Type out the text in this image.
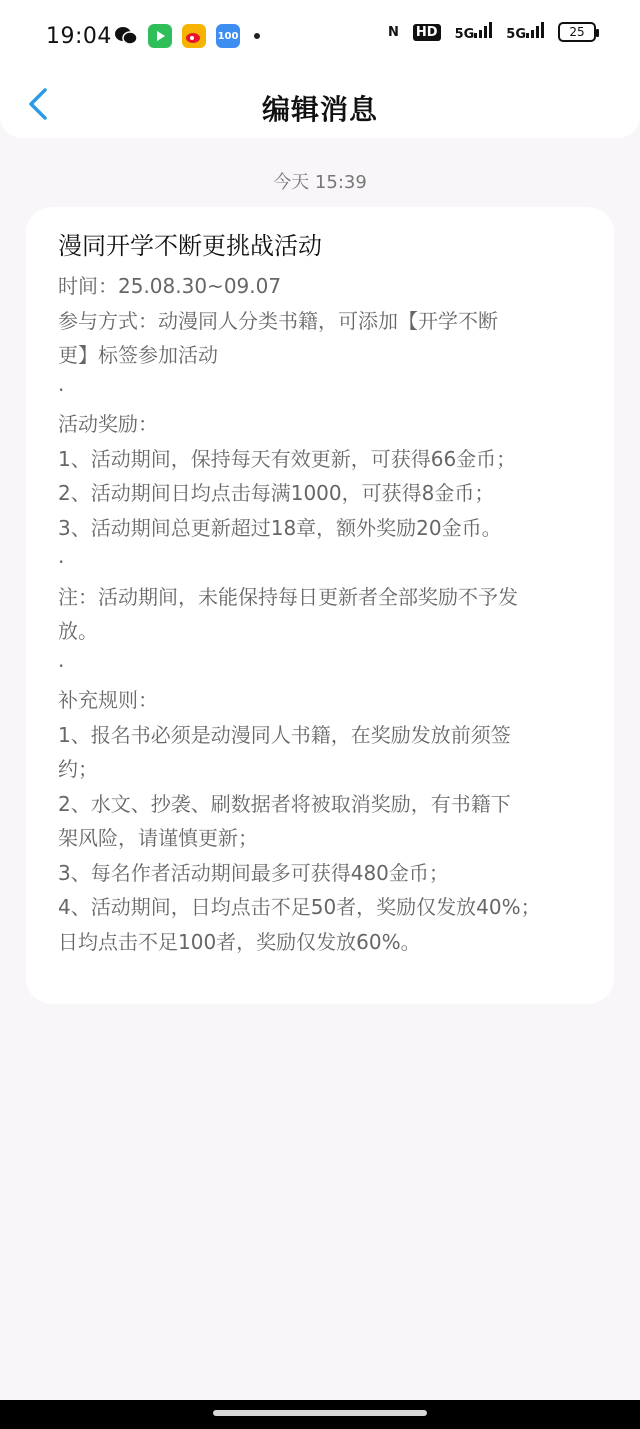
19:04	100	N HD 5G	5G	25
编辑消息
今天 15:39
漫同开学不断更挑战活动
时间：25.08.30~09.07
参与方式：动漫同人分类书籍，可添加【开学不断
更】标签参加活动
·
活动奖励：
1、活动期间，保持每天有效更新，可获得66金币；
2、活动期间日均点击每满1000，可获得8金币；
3、活动期间总更新超过18章，额外奖励20金币。
·
注：活动期间，未能保持每日更新者全部奖励不予发
放。
·
补充规则：
1、报名书必须是动漫同人书籍，在奖励发放前须签
约；
2、水文、抄袭、刷数据者将被取消奖励，有书籍下
架风险，请谨慎更新；
3、每名作者活动期间最多可获得480金币；
4、活动期间，日均点击不足50者，奖励仅发放40%；
日均点击不足100者，奖励仅发放60%。
